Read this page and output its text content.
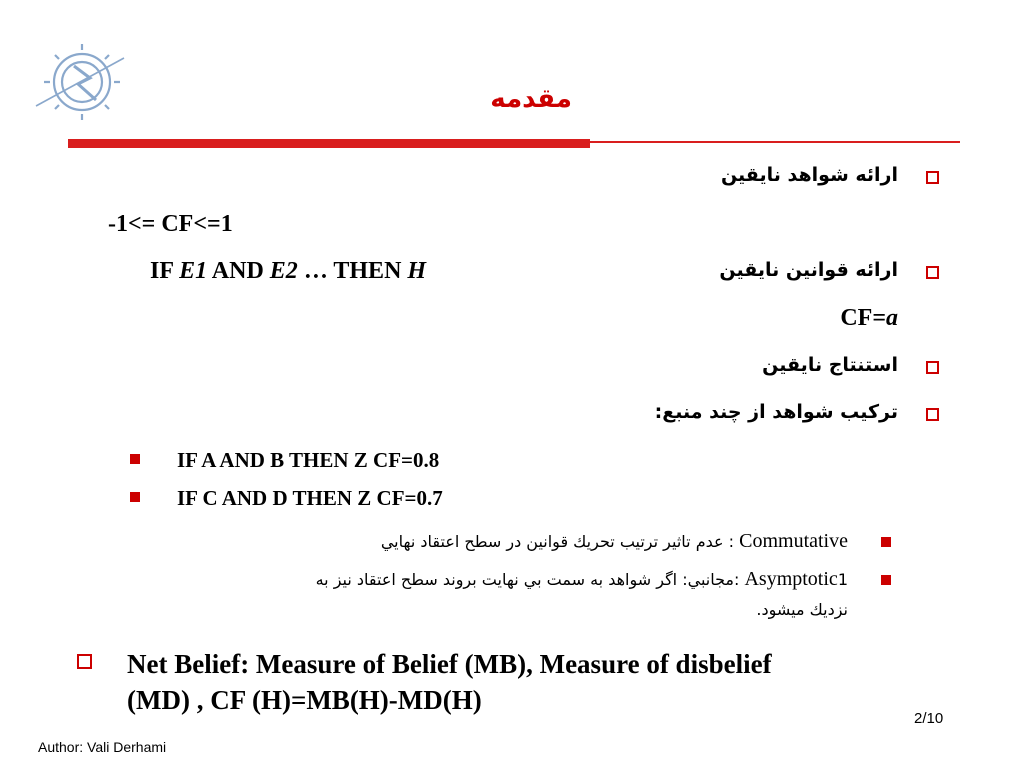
مقدمه
ارائه شواهد نايقين
-1<= CF<=1
ارائه قوانين نايقين
IF E1 AND E2 … THEN H
CF=a
استنتاج نايقين
تركيب شواهد از چند منبع:
IF A AND B THEN Z CF=0.8
IF C AND D THEN Z CF=0.7
Commutative : عدم تاثير ترتيب تحريك قوانين در سطح اعتقاد نهايي
Asymptotic1 :مجانبي: اگر شواهد به سمت بي نهايت بروند سطح اعتقاد نيز به
نزديك ميشود.
Net Belief: Measure of Belief (MB), Measure of disbelief
(MD) , CF (H)=MB(H)-MD(H)
2/10
Author: Vali Derhami
